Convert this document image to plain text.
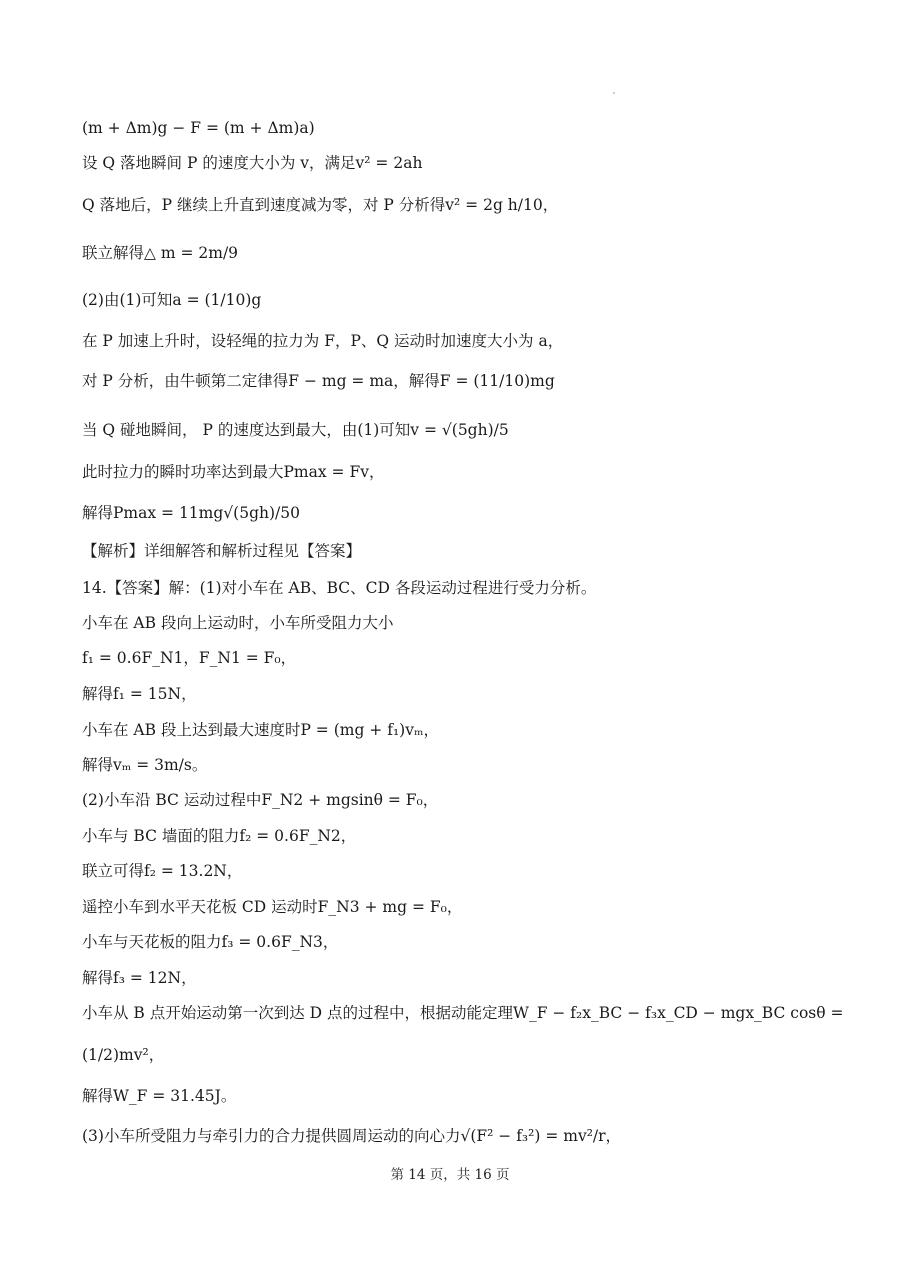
(m + Δm)g − F = (m + Δm)a)
设 Q 落地瞬间 P 的速度大小为 v，满足v² = 2ah
Q 落地后，P 继续上升直到速度减为零，对 P 分析得v² = 2g h/10，
联立解得△ m = 2m/9
(2)由(1)可知a = (1/10)g
在 P 加速上升时，设轻绳的拉力为 F，P、Q 运动时加速度大小为 a，
对 P 分析，由牛顿第二定律得F − mg = ma，解得F = (11/10)mg
当 Q 碰地瞬间， P 的速度达到最大，由(1)可知v = √(5gh)/5
此时拉力的瞬时功率达到最大Pmax = Fv，
解得Pmax = 11mg√(5gh)/50
【解析】详细解答和解析过程见【答案】
14.【答案】解：(1)对小车在 AB、BC、CD 各段运动过程进行受力分析。
小车在 AB 段向上运动时，小车所受阻力大小
f₁ = 0.6F_N1，F_N1 = F₀，
解得f₁ = 15N，
小车在 AB 段上达到最大速度时P = (mg + f₁)vₘ，
解得vₘ = 3m/s。
(2)小车沿 BC 运动过程中F_N2 + mgsinθ = F₀，
小车与 BC 墙面的阻力f₂ = 0.6F_N2，
联立可得f₂ = 13.2N，
遥控小车到水平天花板 CD 运动时F_N3 + mg = F₀，
小车与天花板的阻力f₃ = 0.6F_N3，
解得f₃ = 12N，
小车从 B 点开始运动第一次到达 D 点的过程中，根据动能定理W_F − f₂x_BC − f₃x_CD − mgx_BC cosθ =
(1/2)mv²，
解得W_F = 31.45J。
(3)小车所受阻力与牵引力的合力提供圆周运动的向心力√(F² − f₃²) = mv²/r，
第 14 页，共 16 页
